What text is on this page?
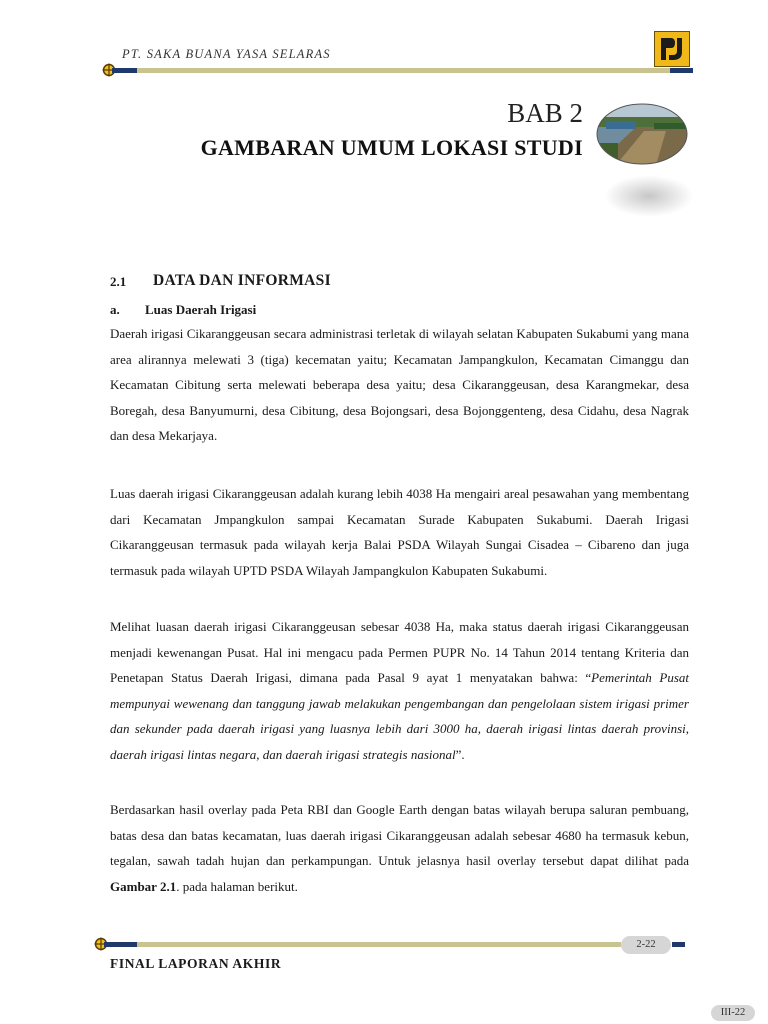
PT. SAKA BUANA YASA SELARAS
BAB 2
GAMBARAN UMUM LOKASI STUDI
2.1 DATA DAN INFORMASI
a. Luas Daerah Irigasi
Daerah irigasi Cikaranggeusan secara administrasi terletak di wilayah selatan Kabupaten Sukabumi yang mana area alirannya melewati 3 (tiga) kecematan yaitu; Kecamatan Jampangkulon, Kecamatan Cimanggu dan Kecamatan Cibitung serta melewati beberapa desa yaitu; desa Cikaranggeusan, desa Karangmekar, desa Boregah, desa Banyumurni, desa Cibitung, desa Bojongsari, desa Bojonggenteng, desa Cidahu, desa Nagrak dan desa Mekarjaya.
Luas daerah irigasi Cikaranggeusan adalah kurang lebih 4038 Ha mengairi areal pesawahan yang membentang dari Kecamatan Jmpangkulon sampai Kecamatan Surade Kabupaten Sukabumi. Daerah Irigasi Cikaranggeusan termasuk pada wilayah kerja Balai PSDA Wilayah Sungai Cisadea – Cibareno dan juga termasuk pada wilayah UPTD PSDA Wilayah Jampangkulon Kabupaten Sukabumi.
Melihat luasan daerah irigasi Cikaranggeusan sebesar 4038 Ha, maka status daerah irigasi Cikaranggeusan menjadi kewenangan Pusat. Hal ini mengacu pada Permen PUPR No. 14 Tahun 2014 tentang Kriteria dan Penetapan Status Daerah Irigasi, dimana pada Pasal 9 ayat 1 menyatakan bahwa: “Pemerintah Pusat mempunyai wewenang dan tanggung jawab melakukan pengembangan dan pengelolaan sistem irigasi primer dan sekunder pada daerah irigasi yang luasnya lebih dari 3000 ha, daerah irigasi lintas daerah provinsi, daerah irigasi lintas negara, dan daerah irigasi strategis nasional”.
Berdasarkan hasil overlay pada Peta RBI dan Google Earth dengan batas wilayah berupa saluran pembuang, batas desa dan batas kecamatan, luas daerah irigasi Cikaranggeusan adalah sebesar 4680 ha termasuk kebun, tegalan, sawah tadah hujan dan perkampungan. Untuk jelasnya hasil overlay tersebut dapat dilihat pada Gambar 2.1. pada halaman berikut.
2-22
FINAL LAPORAN AKHIR
III-22
